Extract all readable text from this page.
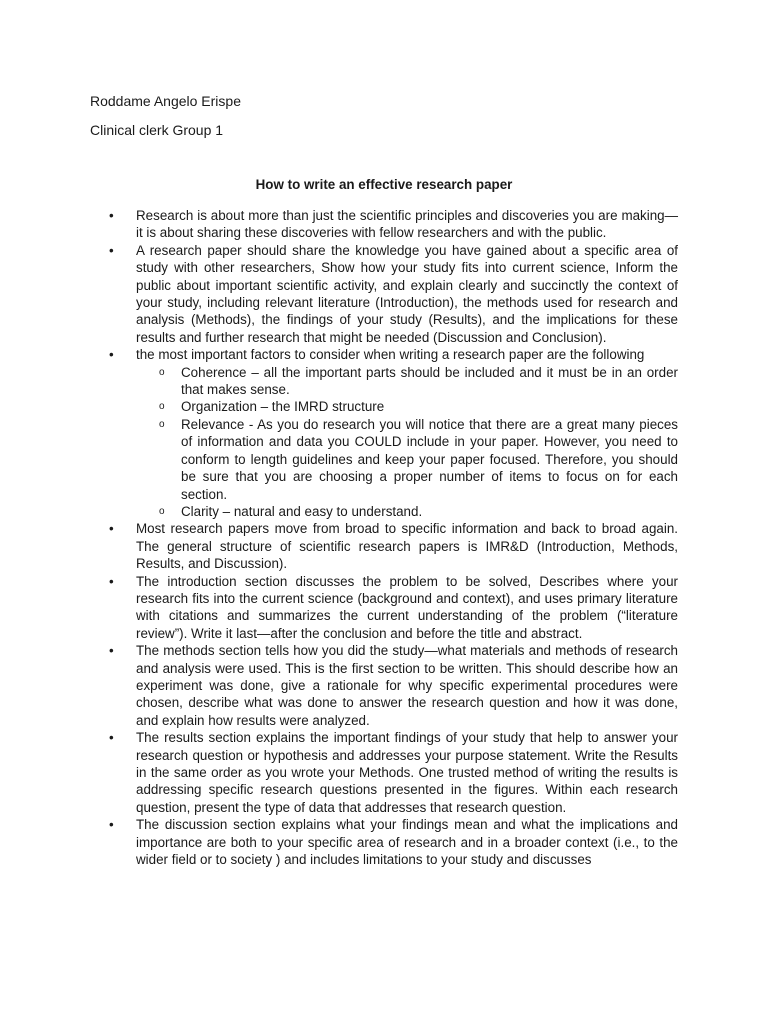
Roddame Angelo Erispe

Clinical clerk Group 1

How to write an effective research paper
• Research is about more than just the scientific principles and discoveries you are making—it is about sharing these discoveries with fellow researchers and with the public.
• A research paper should share the knowledge you have gained about a specific area of study with other researchers, Show how your study fits into current science, Inform the public about important scientific activity, and explain clearly and succinctly the context of your study, including relevant literature (Introduction), the methods used for research and analysis (Methods), the findings of your study (Results), and the implications for these results and further research that might be needed (Discussion and Conclusion).
• the most important factors to consider when writing a research paper are the following
o Coherence – all the important parts should be included and it must be in an order that makes sense.
o Organization – the IMRD structure
o Relevance - As you do research you will notice that there are a great many pieces of information and data you COULD include in your paper. However, you need to conform to length guidelines and keep your paper focused. Therefore, you should be sure that you are choosing a proper number of items to focus on for each section.
o Clarity – natural and easy to understand.
• Most research papers move from broad to specific information and back to broad again. The general structure of scientific research papers is IMR&D (Introduction, Methods, Results, and Discussion).
• The introduction section discusses the problem to be solved, Describes where your research fits into the current science (background and context), and uses primary literature with citations and summarizes the current understanding of the problem (“literature review”). Write it last—after the conclusion and before the title and abstract.
• The methods section tells how you did the study—what materials and methods of research and analysis were used. This is the first section to be written. This should describe how an experiment was done, give a rationale for why specific experimental procedures were chosen, describe what was done to answer the research question and how it was done, and explain how results were analyzed.
• The results section explains the important findings of your study that help to answer your research question or hypothesis and addresses your purpose statement. Write the Results in the same order as you wrote your Methods. One trusted method of writing the results is addressing specific research questions presented in the figures. Within each research question, present the type of data that addresses that research question.
• The discussion section explains what your findings mean and what the implications and importance are both to your specific area of research and in a broader context (i.e., to the wider field or to society ) and includes limitations to your study and discusses
